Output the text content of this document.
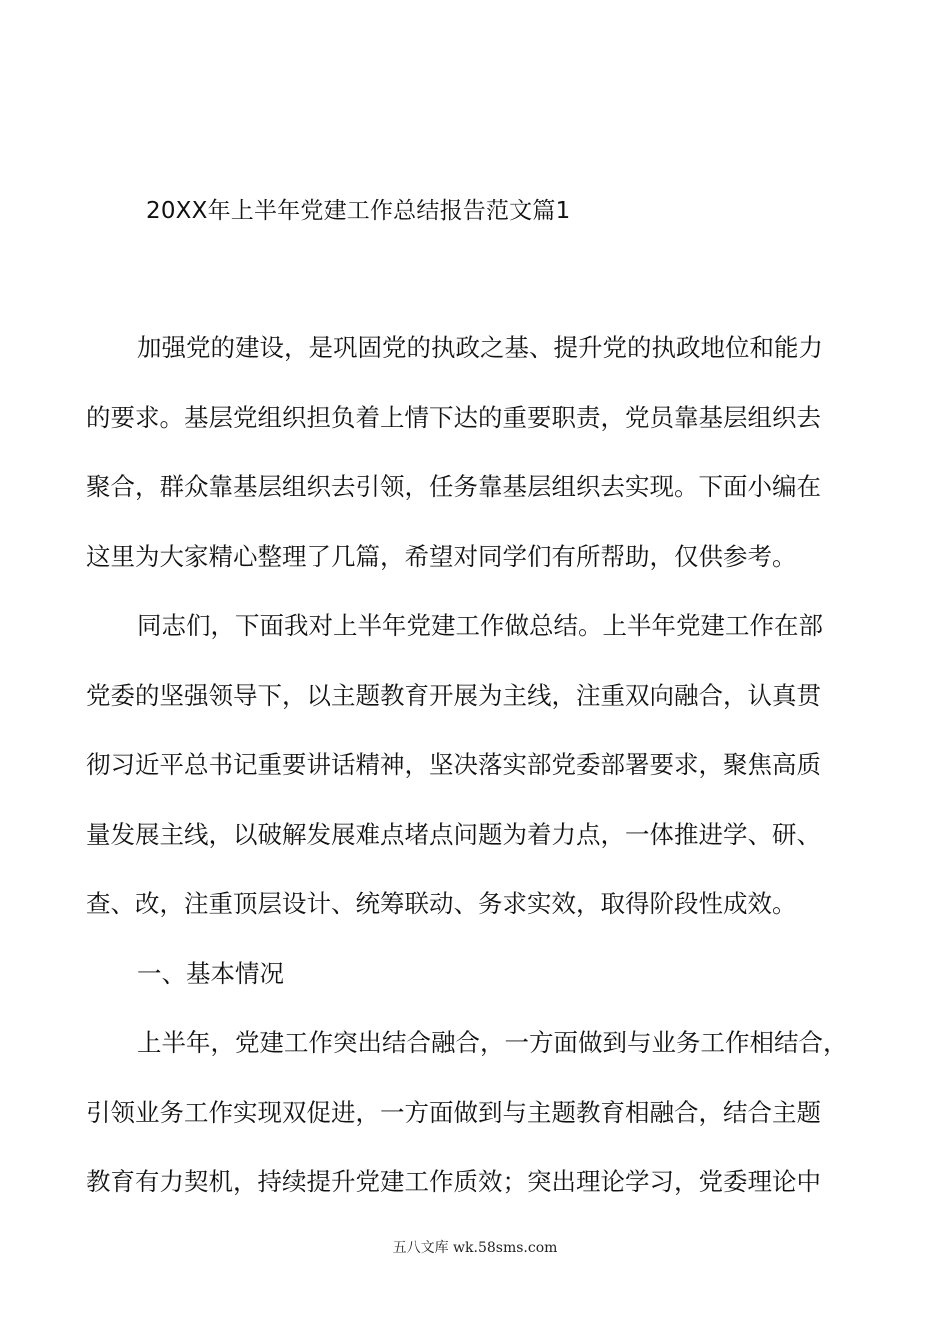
20XX年上半年党建工作总结报告范文篇1
加强党的建设，是巩固党的执政之基、提升党的执政地位和能力
的要求。基层党组织担负着上情下达的重要职责，党员靠基层组织去
聚合，群众靠基层组织去引领，任务靠基层组织去实现。下面小编在
这里为大家精心整理了几篇，希望对同学们有所帮助，仅供参考。
同志们，下面我对上半年党建工作做总结。上半年党建工作在部
党委的坚强领导下，以主题教育开展为主线，注重双向融合，认真贯
彻习近平总书记重要讲话精神，坚决落实部党委部署要求，聚焦高质
量发展主线，以破解发展难点堵点问题为着力点，一体推进学、研、
查、改，注重顶层设计、统筹联动、务求实效，取得阶段性成效。
一、基本情况
上半年，党建工作突出结合融合，一方面做到与业务工作相结合，
引领业务工作实现双促进，一方面做到与主题教育相融合，结合主题
教育有力契机，持续提升党建工作质效；突出理论学习，党委理论中
五八文库 wk.58sms.com
